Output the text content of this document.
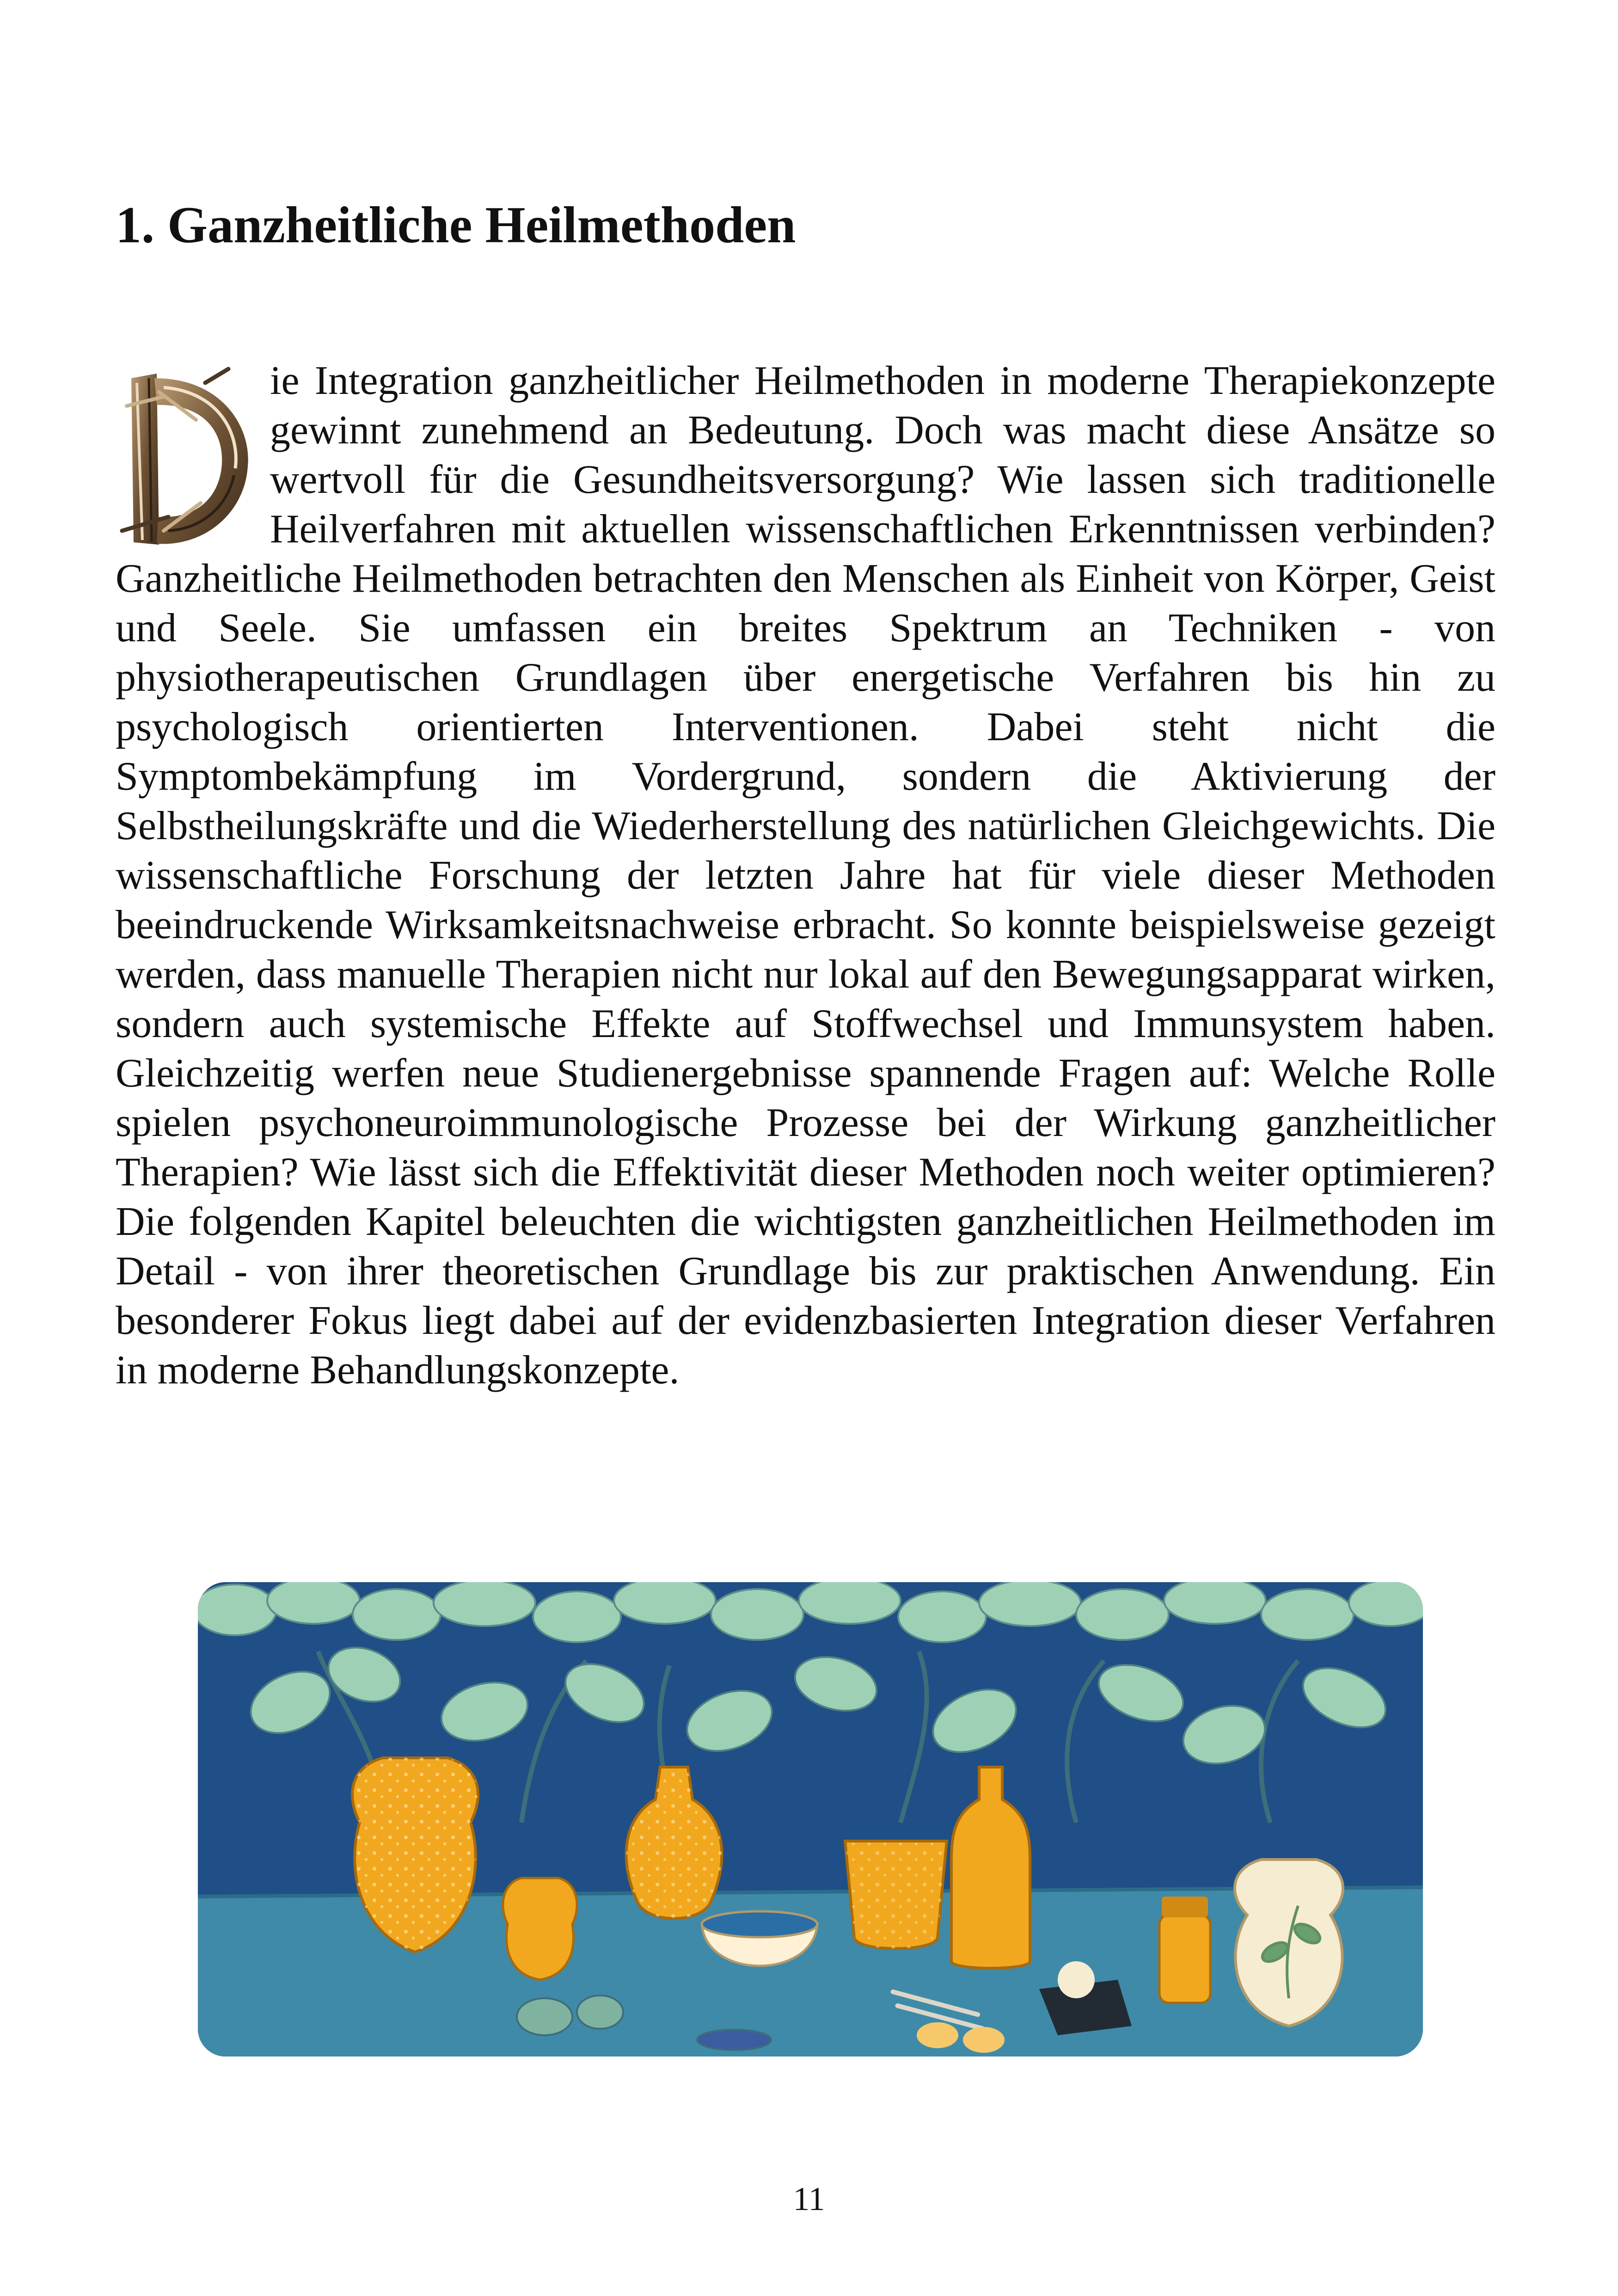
1. Ganzheitliche Heilmethoden

ie Integration ganzheitlicher Heilmethoden in moderne Therapiekonzepte gewinnt zunehmend an Bedeutung. Doch was macht diese Ansätze so wertvoll für die Gesundheitsversorgung? Wie lassen sich traditionelle Heilverfahren mit aktuellen wissenschaftlichen Erkenntnissen verbinden? Ganzheitliche Heilmethoden betrachten den Menschen als Einheit von Körper, Geist und Seele. Sie umfassen ein breites Spektrum an Techniken - von physiotherapeutischen Grundlagen über energetische Verfahren bis hin zu psychologisch orientierten Interventionen. Dabei steht nicht die Symptombekämpfung im Vordergrund, sondern die Aktivierung der Selbstheilungskräfte und die Wiederherstellung des natürlichen Gleichgewichts. Die wissenschaftliche Forschung der letzten Jahre hat für viele dieser Methoden beeindruckende Wirksamkeitsnachweise erbracht. So konnte beispielsweise gezeigt werden, dass manuelle Therapien nicht nur lokal auf den Bewegungsapparat wirken, sondern auch systemische Effekte auf Stoffwechsel und Immunsystem haben. Gleichzeitig werfen neue Studienergebnisse spannende Fragen auf: Welche Rolle spielen psychoneuroimmunologische Prozesse bei der Wirkung ganzheitlicher Therapien? Wie lässt sich die Effektivität dieser Methoden noch weiter optimieren? Die folgenden Kapitel beleuchten die wichtigsten ganzheitlichen Heilmethoden im Detail - von ihrer theoretischen Grundlage bis zur praktischen Anwendung. Ein besonderer Fokus liegt dabei auf der evidenzbasierten Integration dieser Verfahren in moderne Behandlungskonzepte.

11
